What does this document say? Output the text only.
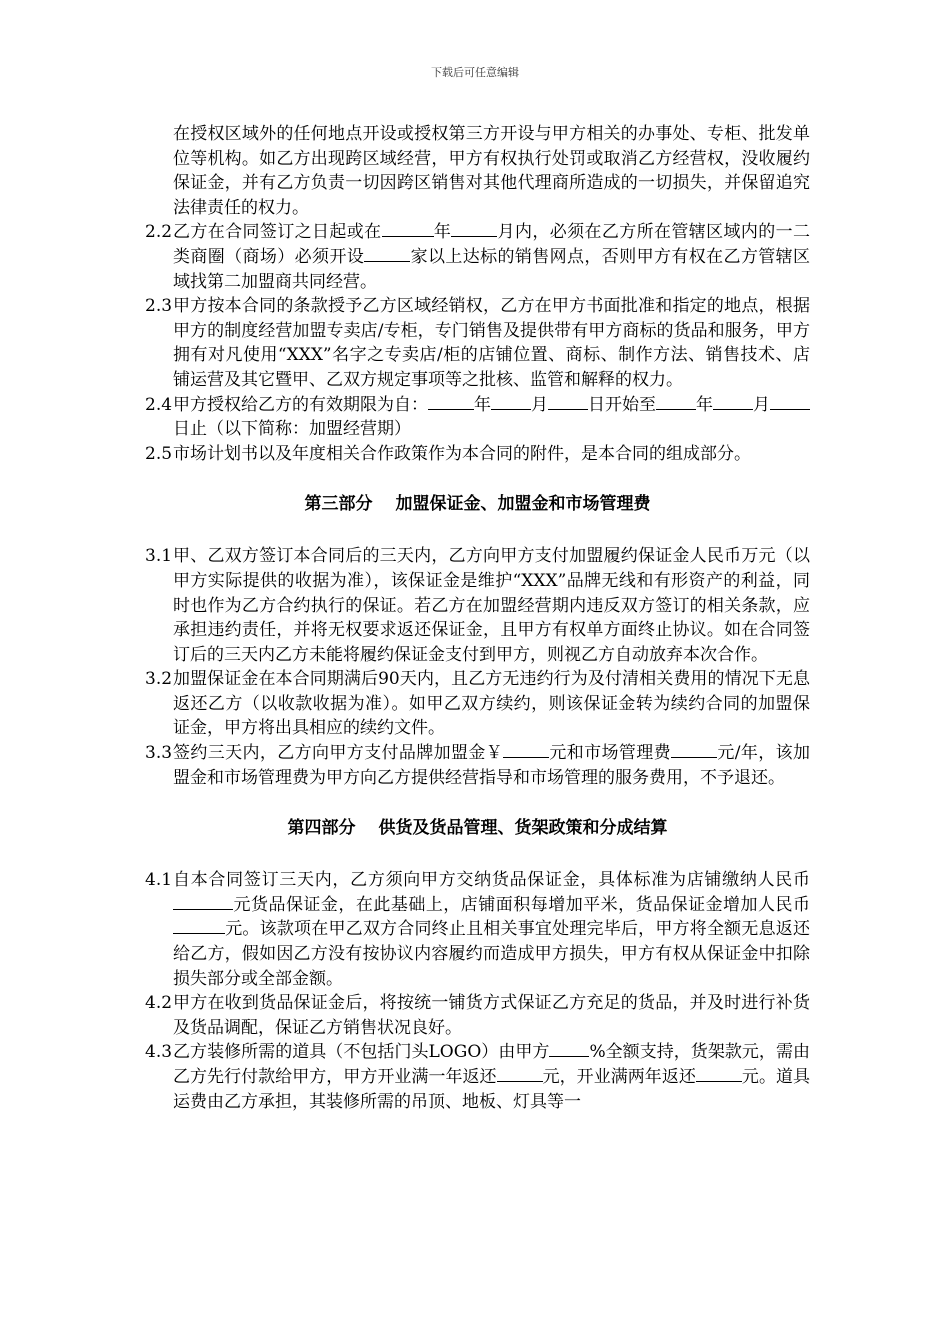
下载后可任意编辑
在授权区域外的任何地点开设或授权第三方开设与甲方相关的办事处、专柜、批发单位等机构。如乙方出现跨区域经营，甲方有权执行处罚或取消乙方经营权，没收履约保证金，并有乙方负责一切因跨区销售对其他代理商所造成的一切损失，并保留追究法律责任的权力。
2.2 乙方在合同签订之日起或在	年	月内，必须在乙方所在管辖区域内的一二类商圈（商场）必须开设	家以上达标的销售网点，否则甲方有权在乙方管辖区域找第二加盟商共同经营。
2.3 甲方按本合同的条款授予乙方区域经销权，乙方在甲方书面批准和指定的地点，根据甲方的制度经营加盟专卖店/专柜，专门销售及提供带有甲方商标的货品和服务，甲方拥有对凡使用“XXX”名字之专卖店/柜的店铺位置、商标、制作方法、销售技术、店铺运营及其它暨甲、乙双方规定事项等之批核、监管和解释的权力。
2.4 甲方授权给乙方的有效期限为自：	年 月 日开始至 年 月日止（以下简称：加盟经营期）
2.5 市场计划书以及年度相关合作政策作为本合同的附件，是本合同的组成部分。
第三部分　 加盟保证金、加盟金和市场管理费
3.1 甲、乙双方签订本合同后的三天内，乙方向甲方支付加盟履约保证金人民币万元（以甲方实际提供的收据为准），该保证金是维护“XXX”品牌无线和有形资产的利益，同时也作为乙方合约执行的保证。若乙方在加盟经营期内违反双方签订的相关条款，应承担违约责任，并将无权要求返还保证金，且甲方有权单方面终止协议。如在合同签订后的三天内乙方未能将履约保证金支付到甲方，则视乙方自动放弃本次合作。
3.2 加盟保证金在本合同期满后90天内，且乙方无违约行为及付清相关费用的情况下无息返还乙方（以收款收据为准）。如甲乙双方续约，则该保证金转为续约合同的加盟保证金，甲方将出具相应的续约文件。
3.3 签约三天内，乙方向甲方支付品牌加盟金￥	元和市场管理费	元/年，该加盟金和市场管理费为甲方向乙方提供经营指导和市场管理的服务费用，不予退还。
第四部分　 供货及货品管理、货架政策和分成结算
4.1 自本合同签订三天内，乙方须向甲方交纳货品保证金，具体标准为店铺缴纳人民币元货品保证金，在此基础上，店铺面积每增加平米，货品保证金增加人民币元。该款项在甲乙双方合同终止且相关事宜处理完毕后，甲方将全额无息返还给乙方，假如因乙方没有按协议内容履约而造成甲方损失，甲方有权从保证金中扣除损失部分或全部金额。
4.2 甲方在收到货品保证金后，将按统一铺货方式保证乙方充足的货品，并及时进行补货及货品调配，保证乙方销售状况良好。
4.3 乙方装修所需的道具（不包括门头LOGO）由甲方 %全额支持，货架款元，需由乙方先行付款给甲方，甲方开业满一年返还	元，开业满两年返还	元。道具运费由乙方承担，其装修所需的吊顶、地板、灯具等一
